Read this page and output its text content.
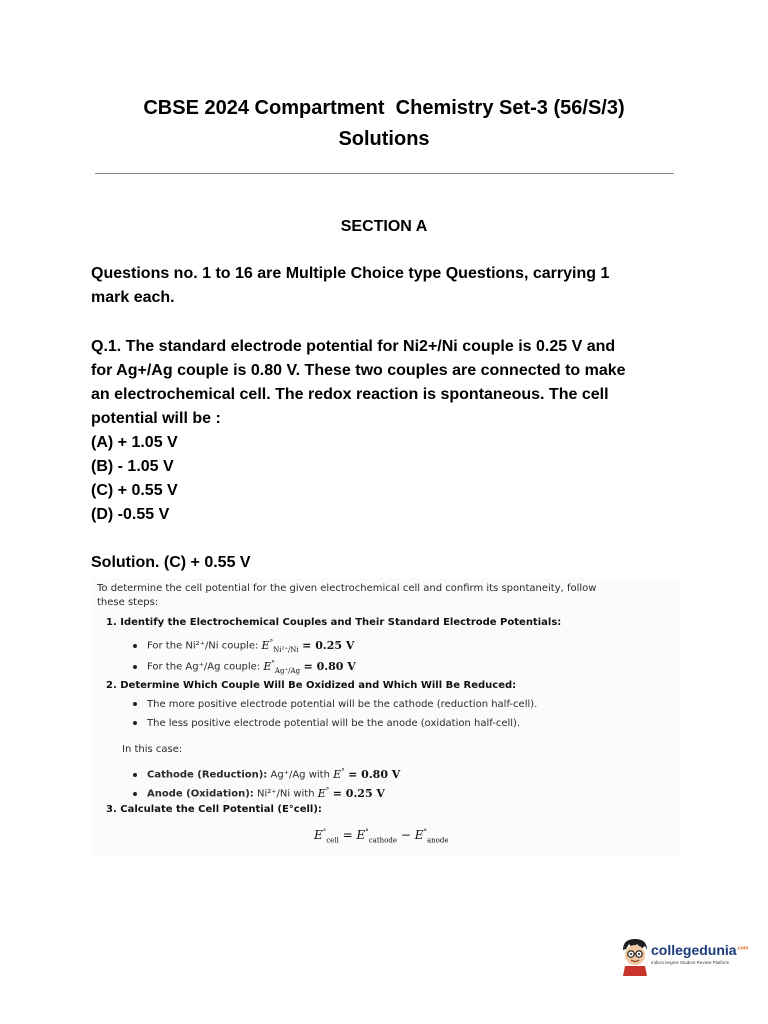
CBSE 2024 Compartment  Chemistry Set-3 (56/S/3)
Solutions
SECTION A
Questions no. 1 to 16 are Multiple Choice type Questions, carrying 1
mark each.
Q.1. The standard electrode potential for Ni2+/Ni couple is 0.25 V and
for Ag+/Ag couple is 0.80 V. These two couples are connected to make
an electrochemical cell. The redox reaction is spontaneous. The cell
potential will be :
(A) + 1.05 V
(B) - 1.05 V
(C) + 0.55 V
(D) -0.55 V
Solution. (C) + 0.55 V
To determine the cell potential for the given electrochemical cell and confirm its spontaneity, follow
these steps:
1. Identify the Electrochemical Couples and Their Standard Electrode Potentials:
For the Ni²⁺/Ni couple: $E^\circ_{Ni^{2+}/Ni} = 0.25$ V
For the Ag⁺/Ag couple: $E^\circ_{Ag^+/Ag} = 0.80$ V
2. Determine Which Couple Will Be Oxidized and Which Will Be Reduced:
The more positive electrode potential will be the cathode (reduction half-cell).
The less positive electrode potential will be the anode (oxidation half-cell).
In this case:
Cathode (Reduction): Ag⁺/Ag with E° = 0.80 V
Anode (Oxidation): Ni²⁺/Ni with E° = 0.25 V
3. Calculate the Cell Potential (E°cell):
$E^\circ_{cell} = E^\circ_{cathode} - E^\circ_{anode}$
collegedunia$^{.com}$
India's largest Student Review Platform
